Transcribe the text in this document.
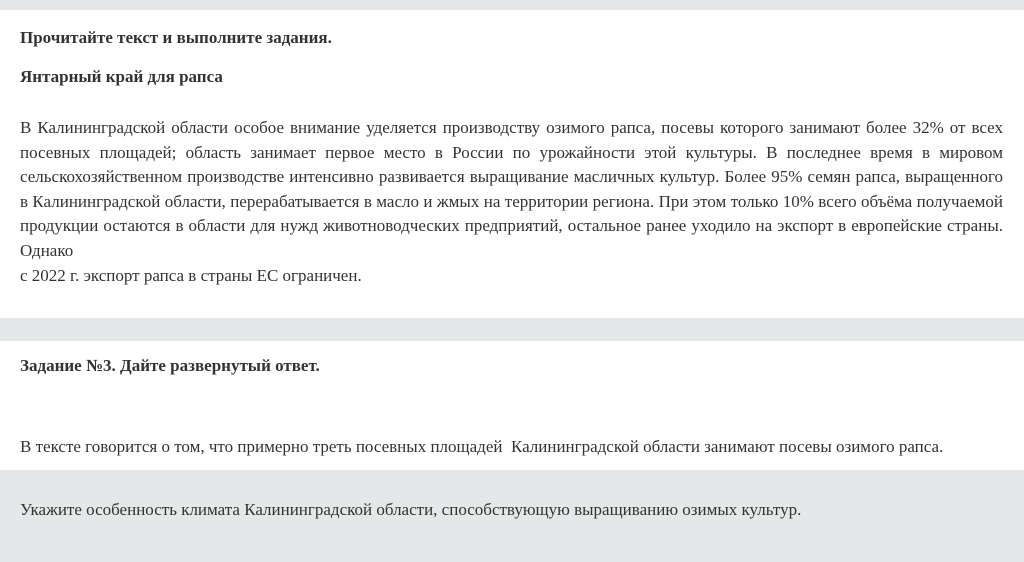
Прочитайте текст и выполните задания.

Янтарный край для рапса

В Калининградской области особое внимание уделяется производству озимого рапса, посевы которого занимают более 32% от всех посевных площадей; область занимает первое место в России по урожайности этой культуры. В последнее время в мировом сельскохозяйственном производстве интенсивно развивается выращивание масличных культур. Более 95% семян рапса, выращенного в Калининградской области, перерабатывается в масло и жмых на территории региона. При этом только 10% всего объёма получаемой продукции остаются в области для нужд животноводческих предприятий, остальное ранее уходило на экспорт в европейские страны. Однако
с 2022 г. экспорт рапса в страны ЕС ограничен.

Задание №3. Дайте развернутый ответ.

В тексте говорится о том, что примерно треть посевных площадей  Калининградской области занимают посевы озимого рапса.

Укажите особенность климата Калининградской области, способствующую выращиванию озимых культур.
